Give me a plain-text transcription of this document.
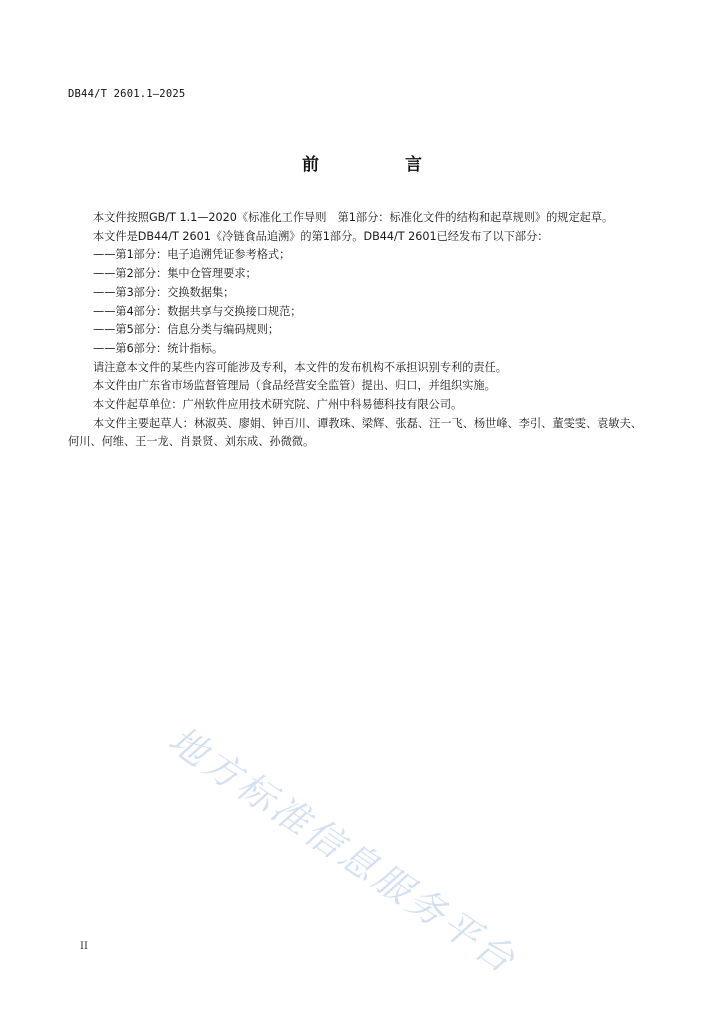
DB44/T 2601.1—2025
前 言

本文件按照GB/T 1.1—2020《标准化工作导则　第1部分：标准化文件的结构和起草规则》的规定起草。

本文件是DB44/T 2601《冷链食品追溯》的第1部分。DB44/T 2601已经发布了以下部分：

——第1部分：电子追溯凭证参考格式；

——第2部分：集中仓管理要求；

——第3部分：交换数据集；

——第4部分：数据共享与交换接口规范；

——第5部分：信息分类与编码规则；

——第6部分：统计指标。

请注意本文件的某些内容可能涉及专利，本文件的发布机构不承担识别专利的责任。

本文件由广东省市场监督管理局（食品经营安全监管）提出、归口，并组织实施。

本文件起草单位：广州软件应用技术研究院、广州中科易德科技有限公司。

本文件主要起草人：林淑英、廖娟、钟百川、谭教珠、梁辉、张磊、汪一飞、杨世峰、李引、董雯雯、袁敏夫、何川、何维、王一龙、肖景贤、刘东成、孙微微。

地方标准信息服务平台
II
